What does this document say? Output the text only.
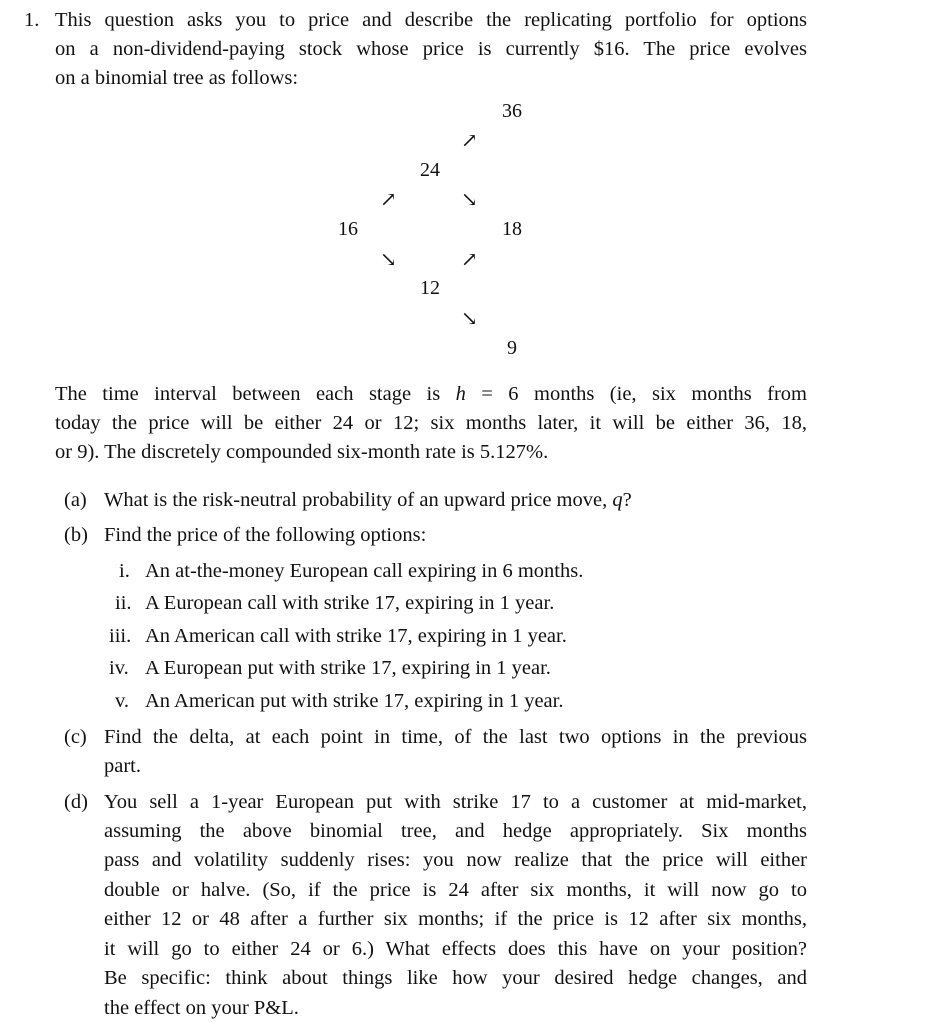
1. This question asks you to price and describe the replicating portfolio for options
on a non-dividend-paying stock whose price is currently $16. The price evolves
on a binomial tree as follows:
16
24
12
36
18
9
↗
↘
↗
↘
↗
↘
The time interval between each stage is h = 6 months (ie, six months from
today the price will be either 24 or 12; six months later, it will be either 36, 18,
or 9). The discretely compounded six-month rate is 5.127%.
(a) What is the risk-neutral probability of an upward price move, q?
(b) Find the price of the following options:
i. An at-the-money European call expiring in 6 months.
ii. A European call with strike 17, expiring in 1 year.
iii. An American call with strike 17, expiring in 1 year.
iv. A European put with strike 17, expiring in 1 year.
v. An American put with strike 17, expiring in 1 year.
(c) Find the delta, at each point in time, of the last two options in the previous
part.
(d) You sell a 1-year European put with strike 17 to a customer at mid-market,
assuming the above binomial tree, and hedge appropriately. Six months
pass and volatility suddenly rises: you now realize that the price will either
double or halve. (So, if the price is 24 after six months, it will now go to
either 12 or 48 after a further six months; if the price is 12 after six months,
it will go to either 24 or 6.) What effects does this have on your position?
Be specific: think about things like how your desired hedge changes, and
the effect on your P&L.
